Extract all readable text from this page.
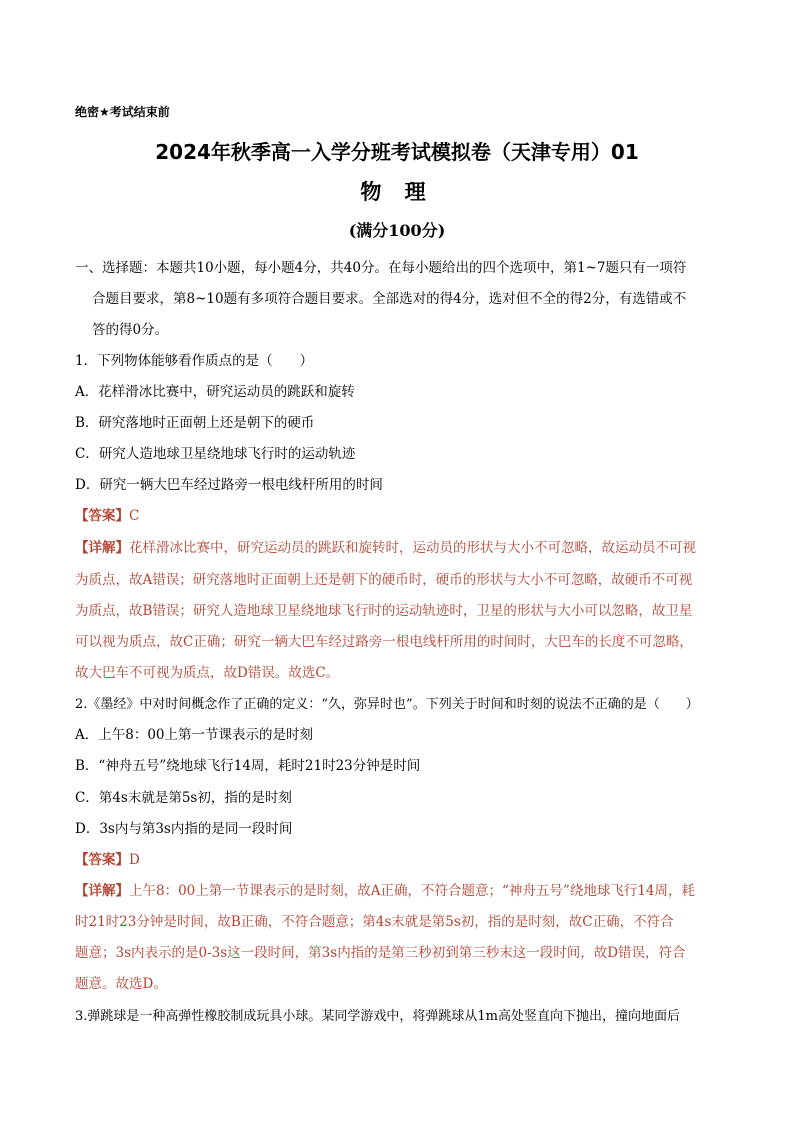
绝密★考试结束前
2024年秋季高一入学分班考试模拟卷（天津专用）01
物 理
(满分100分)
一、选择题：本题共10小题，每小题4分，共40分。在每小题给出的四个选项中，第1~7题只有一项符
合题目要求，第8~10题有多项符合题目要求。全部选对的得4分，选对但不全的得2分，有选错或不
答的得0分。
1．下列物体能够看作质点的是（　　）
A．花样滑冰比赛中，研究运动员的跳跃和旋转
B．研究落地时正面朝上还是朝下的硬币
C．研究人造地球卫星绕地球飞行时的运动轨迹
D．研究一辆大巴车经过路旁一根电线杆所用的时间
【答案】C
【详解】花样滑冰比赛中，研究运动员的跳跃和旋转时，运动员的形状与大小不可忽略，故运动员不可视
为质点，故A错误；研究落地时正面朝上还是朝下的硬币时，硬币的形状与大小不可忽略，故硬币不可视
为质点，故B错误；研究人造地球卫星绕地球飞行时的运动轨迹时，卫星的形状与大小可以忽略，故卫星
可以视为质点，故C正确；研究一辆大巴车经过路旁一根电线杆所用的时间时，大巴车的长度不可忽略，
故大巴车不可视为质点，故D错误。故选C。
2.《墨经》中对时间概念作了正确的定义：“久，弥异时也”。下列关于时间和时刻的说法不正确的是（　　）
A．上午8：00上第一节课表示的是时刻
B．“神舟五号”绕地球飞行14周，耗时21时23分钟是时间
C．第4s末就是第5s初，指的是时刻
D．3s内与第3s内指的是同一段时间
【答案】D
【详解】上午8：00上第一节课表示的是时刻，故A正确，不符合题意；“神舟五号”绕地球飞行14周，耗
时21时23分钟是时间，故B正确，不符合题意；第4s末就是第5s初，指的是时刻，故C正确，不符合
题意；3s内表示的是0-3s这一段时间，第3s内指的是第三秒初到第三秒末这一段时间，故D错误，符合
题意。故选D。
3.弹跳球是一种高弹性橡胶制成玩具小球。某同学游戏中，将弹跳球从1m高处竖直向下抛出，撞向地面后
